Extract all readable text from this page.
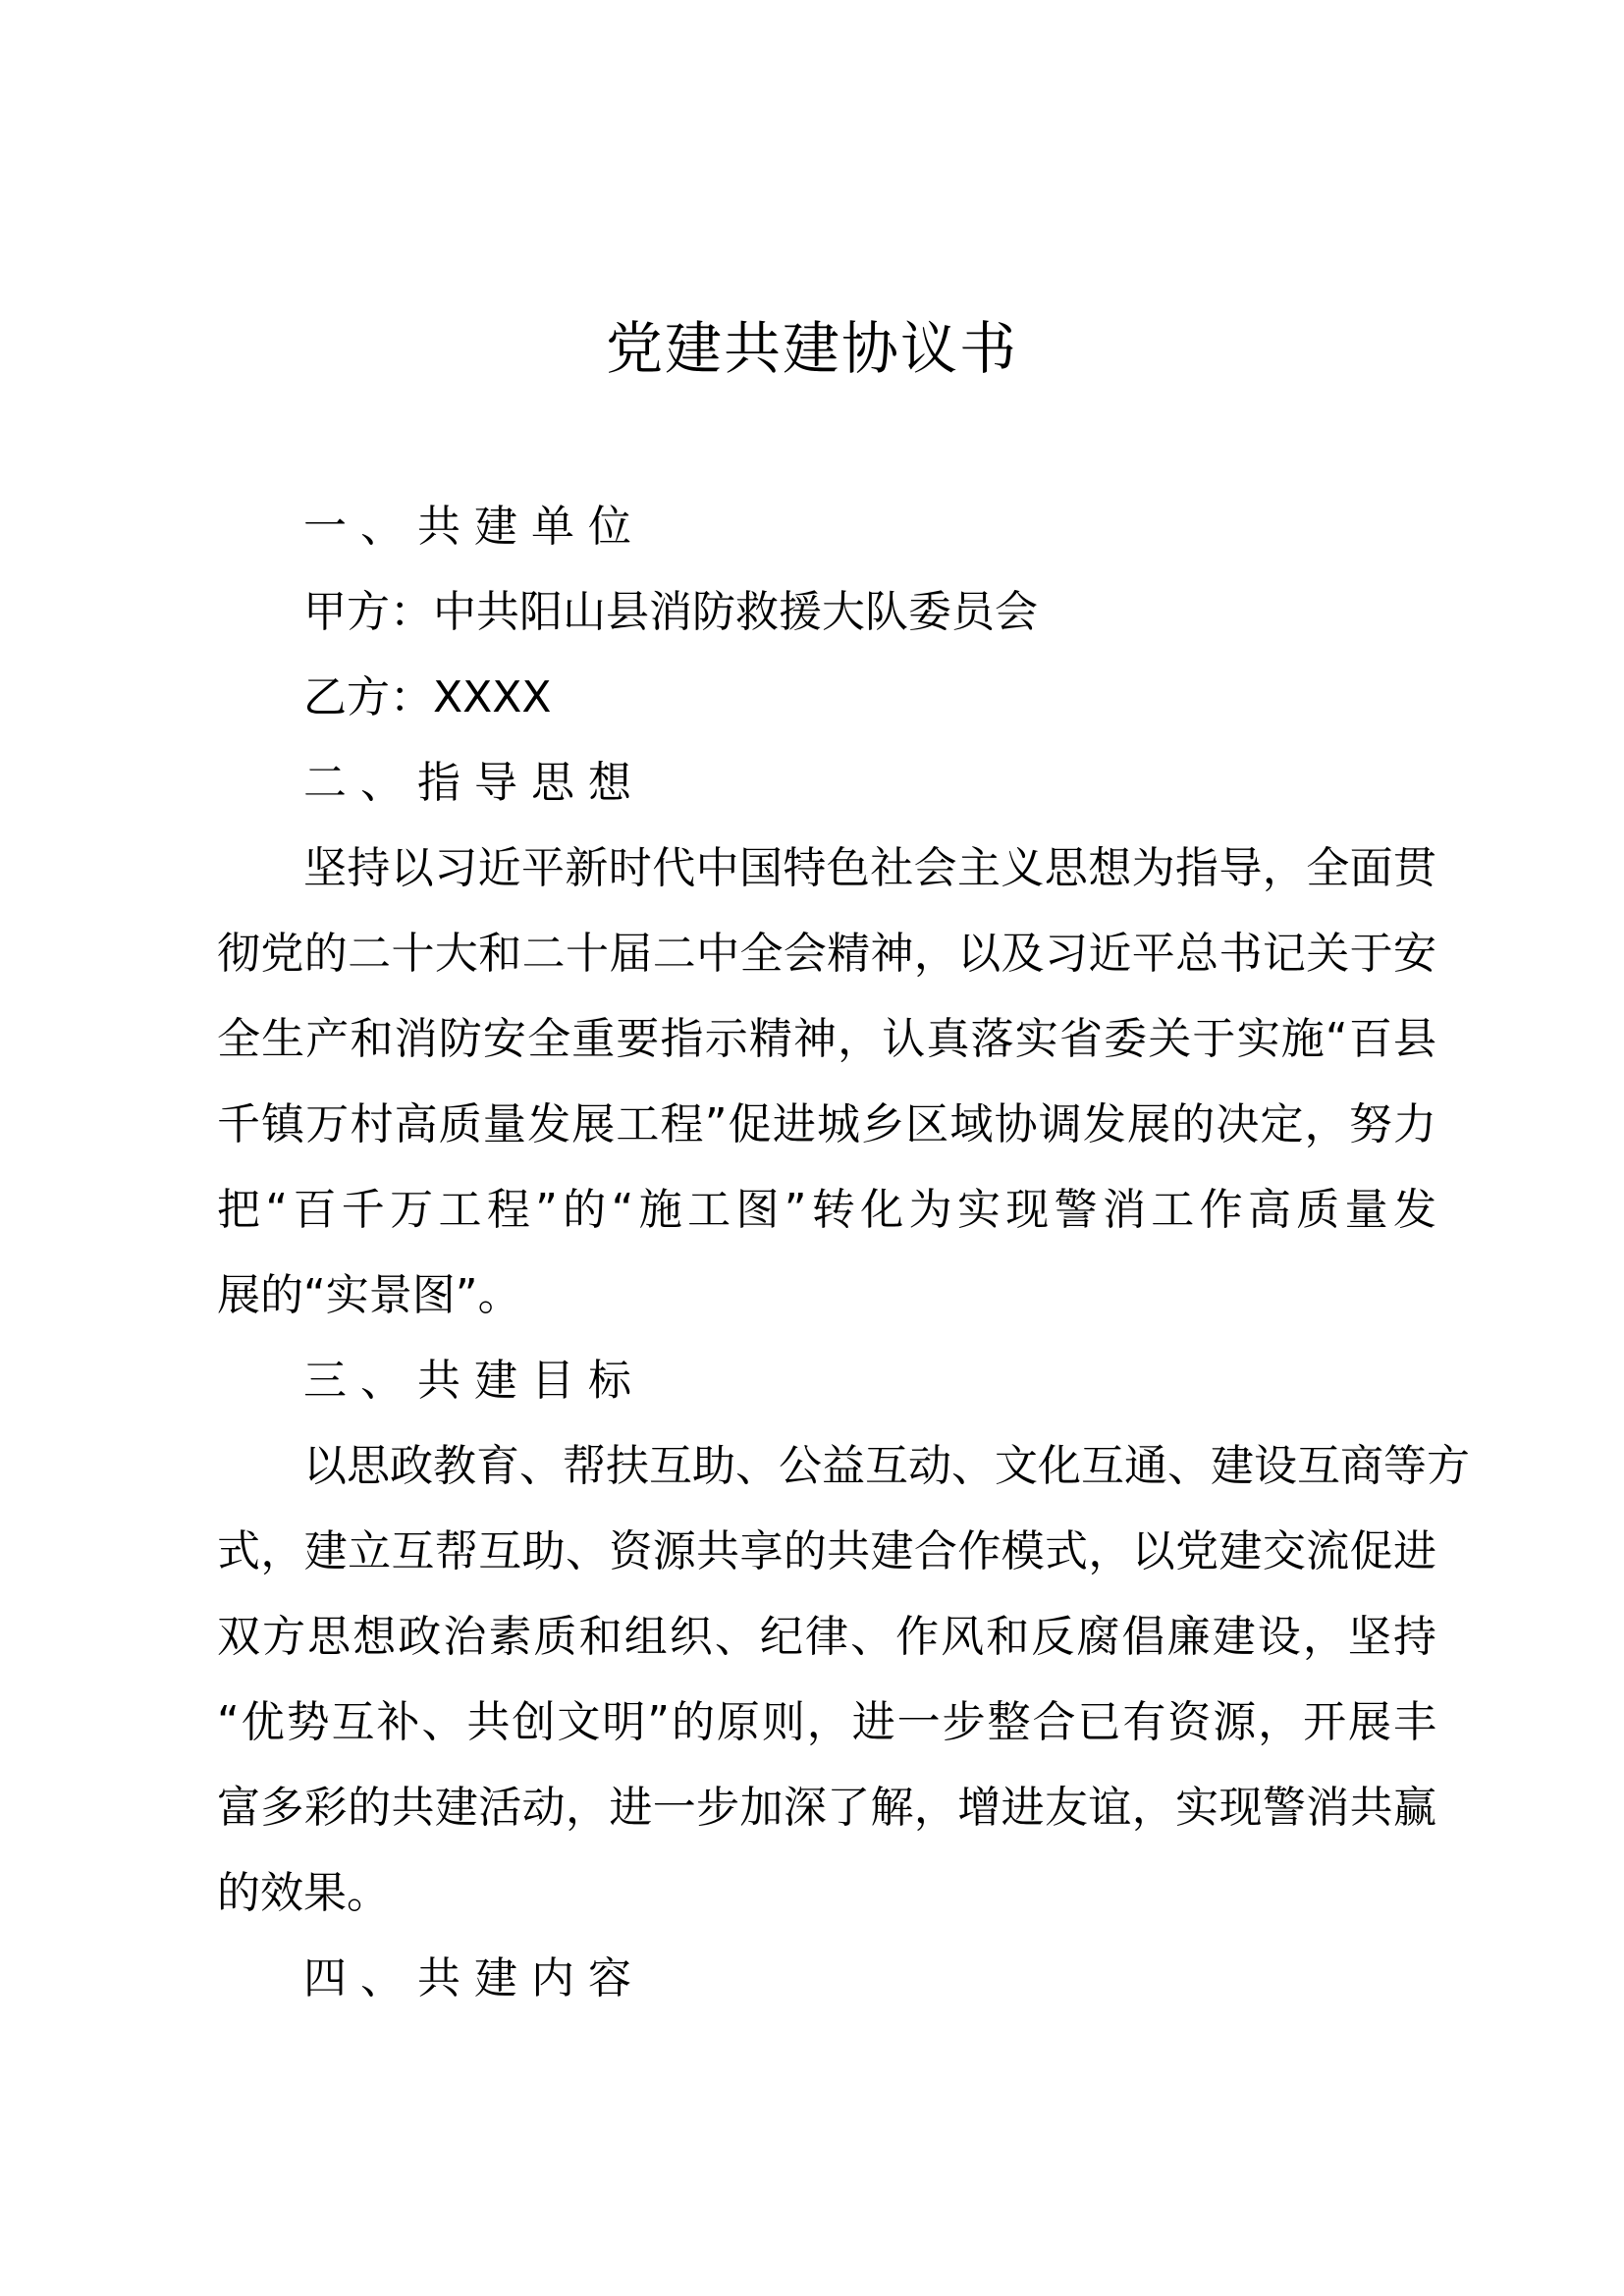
党建共建协议书
一、共建单位
甲方：中共阳山县消防救援大队委员会
乙方：XXXX
二、指导思想
坚持以习近平新时代中国特色社会主义思想为指导，全面贯
彻党的二十大和二十届二中全会精神，以及习近平总书记关于安
全生产和消防安全重要指示精神，认真落实省委关于实施“百县
千镇万村高质量发展工程”促进城乡区域协调发展的决定，努力
把“百千万工程”的“施工图”转化为实现警消工作高质量发
展的“实景图”。
三、共建目标
以思政教育、帮扶互助、公益互动、文化互通、建设互商等方
式，建立互帮互助、资源共享的共建合作模式，以党建交流促进
双方思想政治素质和组织、纪律、作风和反腐倡廉建设，坚持
“优势互补、共创文明”的原则，进一步整合已有资源，开展丰
富多彩的共建活动，进一步加深了解，增进友谊，实现警消共赢
的效果。
四、共建内容
